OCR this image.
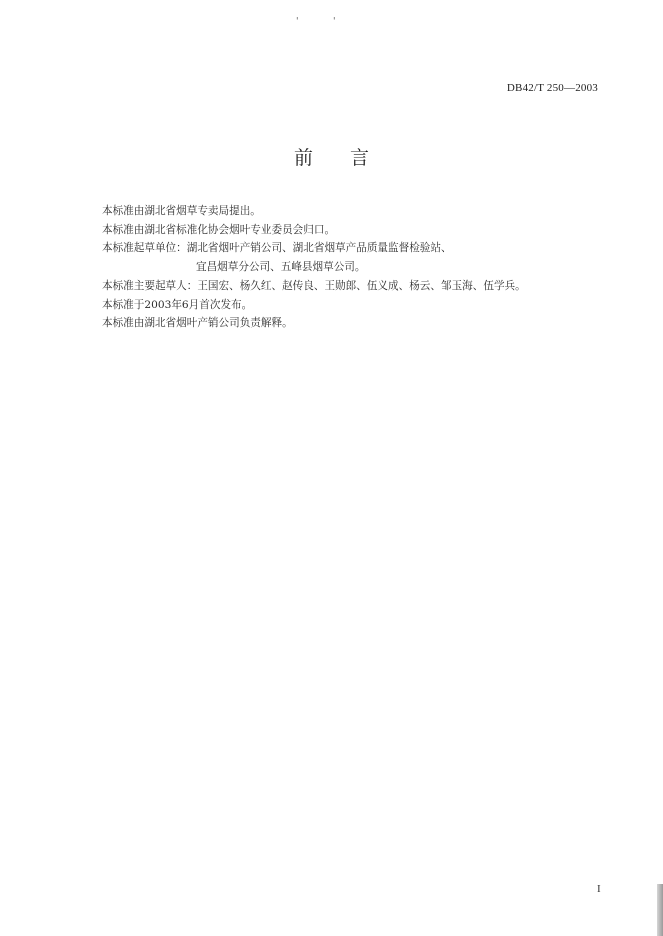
'	'
DB42/T 250—2003
前 言
本标准由湖北省烟草专卖局提出。
本标准由湖北省标准化协会烟叶专业委员会归口。
本标准起草单位：湖北省烟叶产销公司、湖北省烟草产品质量监督检验站、
宜昌烟草分公司、五峰县烟草公司。
本标准主要起草人：王国宏、杨久红、赵传良、王勋郎、伍义成、杨云、邹玉海、伍学兵。
本标准于2003年6月首次发布。
本标准由湖北省烟叶产销公司负责解释。
I
